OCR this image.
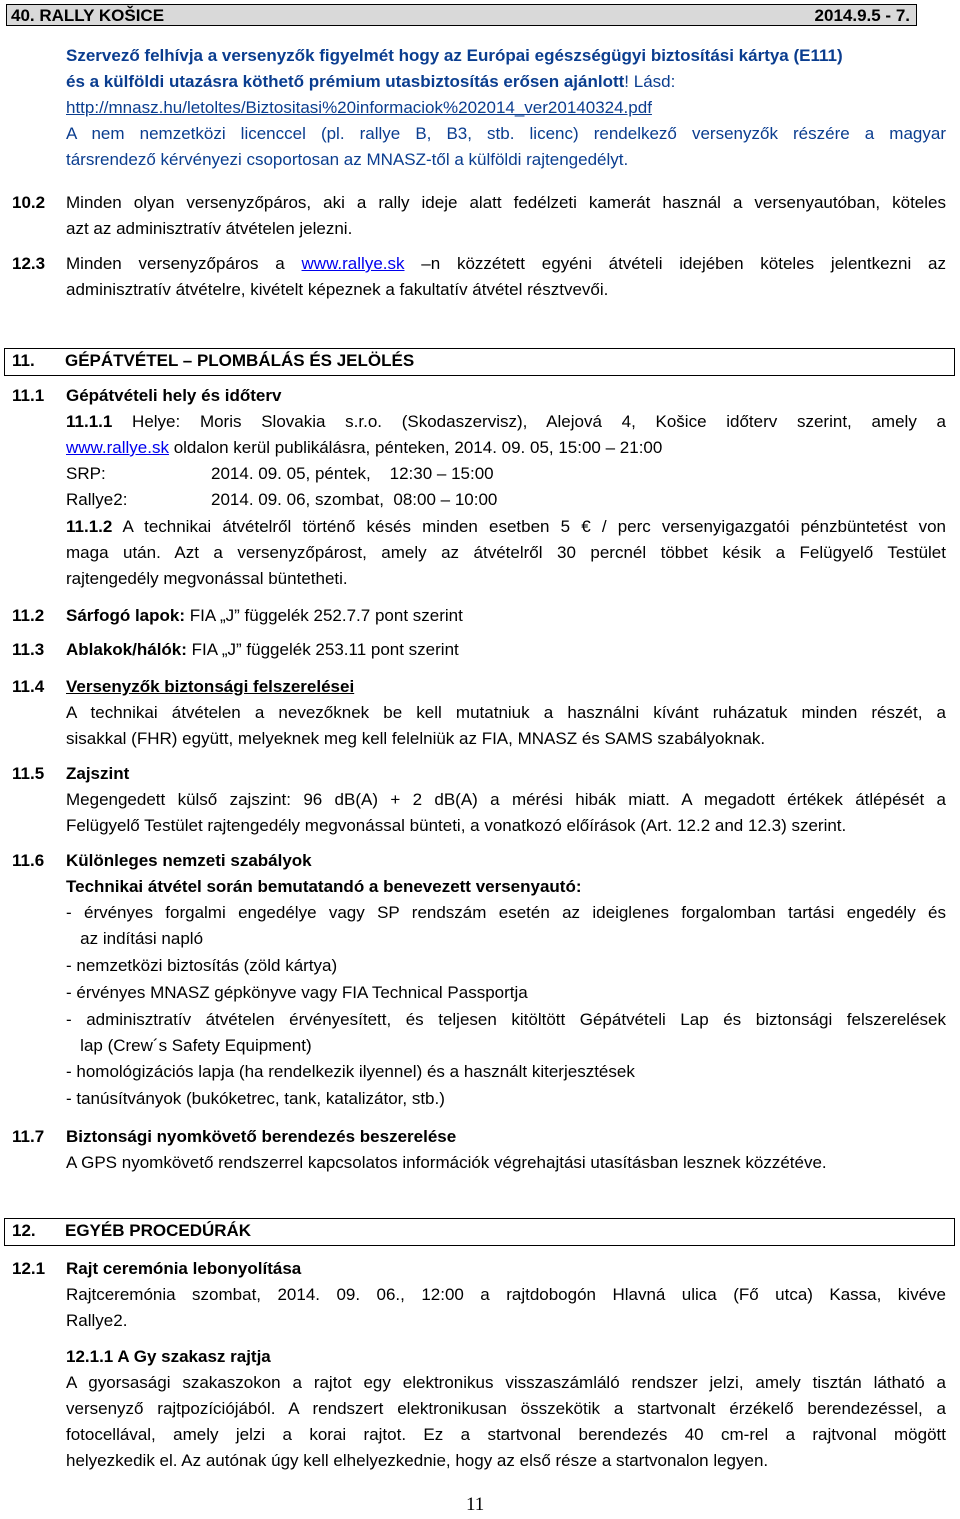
40. RALLY KOŠICE	2014.9.5 - 7.
Szervező felhívja a versenyzők figyelmét hogy az Európai egészségügyi biztosítási kártya (E111)
és a külföldi utazásra köthető prémium utasbiztosítás erősen ajánlott! Lásd:
http://mnasz.hu/letoltes/Biztositasi%20informaciok%202014_ver20140324.pdf
A nem nemzetközi licenccel (pl. rallye B, B3, stb. licenc) rendelkező versenyzők részére a magyar
társrendező kérvényezi csoportosan az MNASZ-től a külföldi rajtengedélyt.
10.2 Minden olyan versenyzőpáros, aki a rally ideje alatt fedélzeti kamerát használ a versenyautóban, köteles
azt az adminisztratív átvételen jelezni.
12.3 Minden versenyzőpáros a www.rallye.sk –n közzétett egyéni átvételi idejében köteles jelentkezni az
adminisztratív átvételre, kivételt képeznek a fakultatív átvétel résztvevői.
11. GÉPÁTVÉTEL – PLOMBÁLÁS ÉS JELÖLÉS
11.1 Gépátvételi hely és időterv
11.1.1 Helye: Moris Slovakia s.r.o. (Skodaszervisz), Alejová 4, Košice időterv szerint, amely a
www.rallye.sk oldalon kerül publikálásra, pénteken, 2014. 09. 05, 15:00 – 21:00
SRP:	2014. 09. 05, péntek,    12:30 – 15:00
Rallye2:	2014. 09. 06, szombat,  08:00 – 10:00
11.1.2 A technikai átvételről történő késés minden esetben 5 € / perc versenyigazgatói pénzbüntetést von
maga után. Azt a versenyzőpárost, amely az átvételről 30 percnél többet késik a Felügyelő Testület
rajtengedély megvonással büntetheti.
11.2 Sárfogó lapok: FIA „J” függelék 252.7.7 pont szerint
11.3 Ablakok/hálók: FIA „J” függelék 253.11 pont szerint
11.4 Versenyzők biztonsági felszerelései
A technikai átvételen a nevezőknek be kell mutatniuk a használni kívánt ruházatuk minden részét, a
sisakkal (FHR) együtt, melyeknek meg kell felelniük az FIA, MNASZ és SAMS szabályoknak.
11.5 Zajszint
Megengedett külső zajszint: 96 dB(A) + 2 dB(A) a mérési hibák miatt. A megadott értékek átlépését a
Felügyelő Testület rajtengedély megvonással bünteti, a vonatkozó előírások (Art. 12.2 and 12.3) szerint.
11.6 Különleges nemzeti szabályok
Technikai átvétel során bemutatandó a benevezett versenyautó:
- érvényes forgalmi engedélye vagy SP rendszám esetén az ideiglenes forgalomban tartási engedély és
az indítási napló
- nemzetközi biztosítás (zöld kártya)
- érvényes MNASZ gépkönyve vagy FIA Technical Passportja
- adminisztratív átvételen érvényesített, és teljesen kitöltött Gépátvételi Lap és biztonsági felszerelések
lap (Crew´s Safety Equipment)
- homológizációs lapja (ha rendelkezik ilyennel) és a használt kiterjesztések
- tanúsítványok (bukóketrec, tank, katalizátor, stb.)
11.7 Biztonsági nyomkövető berendezés beszerelése
A GPS nyomkövető rendszerrel kapcsolatos információk végrehajtási utasításban lesznek közzétéve.
12. EGYÉB PROCEDÚRÁK
12.1 Rajt ceremónia lebonyolítása
Rajtceremónia szombat, 2014. 09. 06., 12:00 a rajtdobogón Hlavná ulica (Fő utca) Kassa, kivéve
Rallye2.
12.1.1 A Gy szakasz rajtja
A gyorsasági szakaszokon a rajtot egy elektronikus visszaszámláló rendszer jelzi, amely tisztán látható a
versenyző rajtpozíciójából. A rendszert elektronikusan összekötik a startvonalt érzékelő berendezéssel, a
fotocellával, amely jelzi a korai rajtot. Ez a startvonal berendezés 40 cm-rel a rajtvonal mögött
helyezkedik el. Az autónak úgy kell elhelyezkednie, hogy az első része a startvonalon legyen.
11
